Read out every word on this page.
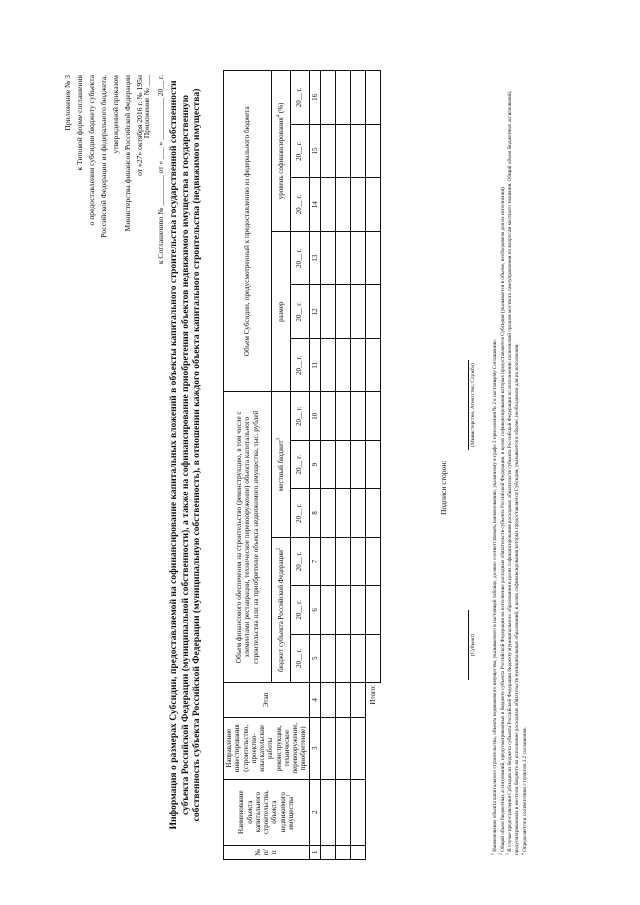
Приложение № 3 к Типовой форме соглашения о предоставлении субсидии бюджету субъекта Российской Федерации из федерального бюджета, утвержденной приказом Министерства финансов Российской Федерации от «27» октября 2016 г. № 195н
Приложение № ___ к Соглашению № ________ от « ___ » ___________ 20__ г. Информация о размерах Субсидии, предоставляемой на софинансирование капитальных вложений в объекты капитального строительства государственной собственности субъекта Российской Федерации (муниципальной собственности), а также на софинансирование приобретения объектов недвижимого имущества в государственную собственность субъекта Российской Федерации (муниципальную собственность), в отношении каждого объекта капитального строительства (недвижимого имущества)
№ п/п	Наименование объекта капитального строительства, объекта недвижимого имущества$^1$	Направление инвестирования (строительство, проектно-изыскательские работы реконструкция, техническое перевооружение, приобретение)	Этап	Объем финансового обеспечения на строительство (реконструкцию, в том числе с элементами реставрации, техническое перевооружение) объекта капитального строительства или на приобретение объекта недвижимого имущества, тыс. рублей						Объем Субсидии, предусмотренный к предоставлению из федерального бюджета					
				бюджет субъекта Российской Федерации$^2$			местный бюджет$^3$			размер			уровень софинансирования$^4$ (%)		
				20__ г.	20__ г.	20__ г.	20__ г.	20__ г.	20__ г.	20__ г.	20__ г.	20__ г.	20__ г.	20__ г.	20__ г.
1	2	3	4	5	6	7	8	9	10	11	12	13	14	15	16

Итого:															
Подписи сторон:
(Субъект)
(Министерство, Агентство, Служба)
$^1$ Наименование объекта капитального строительства, объекта недвижимого имущества, указываемого в настоящей таблице, должно соответствовать наименованию, указанному в графе 2 приложения № 2 к настоящему Соглашению.
$^2$ Общий объем бюджетных ассигнований, предусматриваемых в бюджете субъекта Российской Федерации на исполнение расходных обязательств субъекта Российской Федерации, в целях софинансирования которых предоставляется Субсидия (указывается в объеме, необходимом для их исполнения).
$^3$ В случае предоставления Субсидии из бюджета субъекта Российской Федерации бюджету муниципального образования в целях софинансирования расходных обязательств субъекта Российской Федерации по исполнению полномочий органов местного самоуправления по вопросам местного значения. Общий объем бюджетных ассигнований, предусматриваемых в местном бюджете на исполнение расходных обязательств муниципальных образований, в целях софинансирования которых предоставляется Субсидия, указывается в объеме, необходимом для их исполнения. $^4$ Определяется в соответствии с пунктом 2.2 соглашения.
